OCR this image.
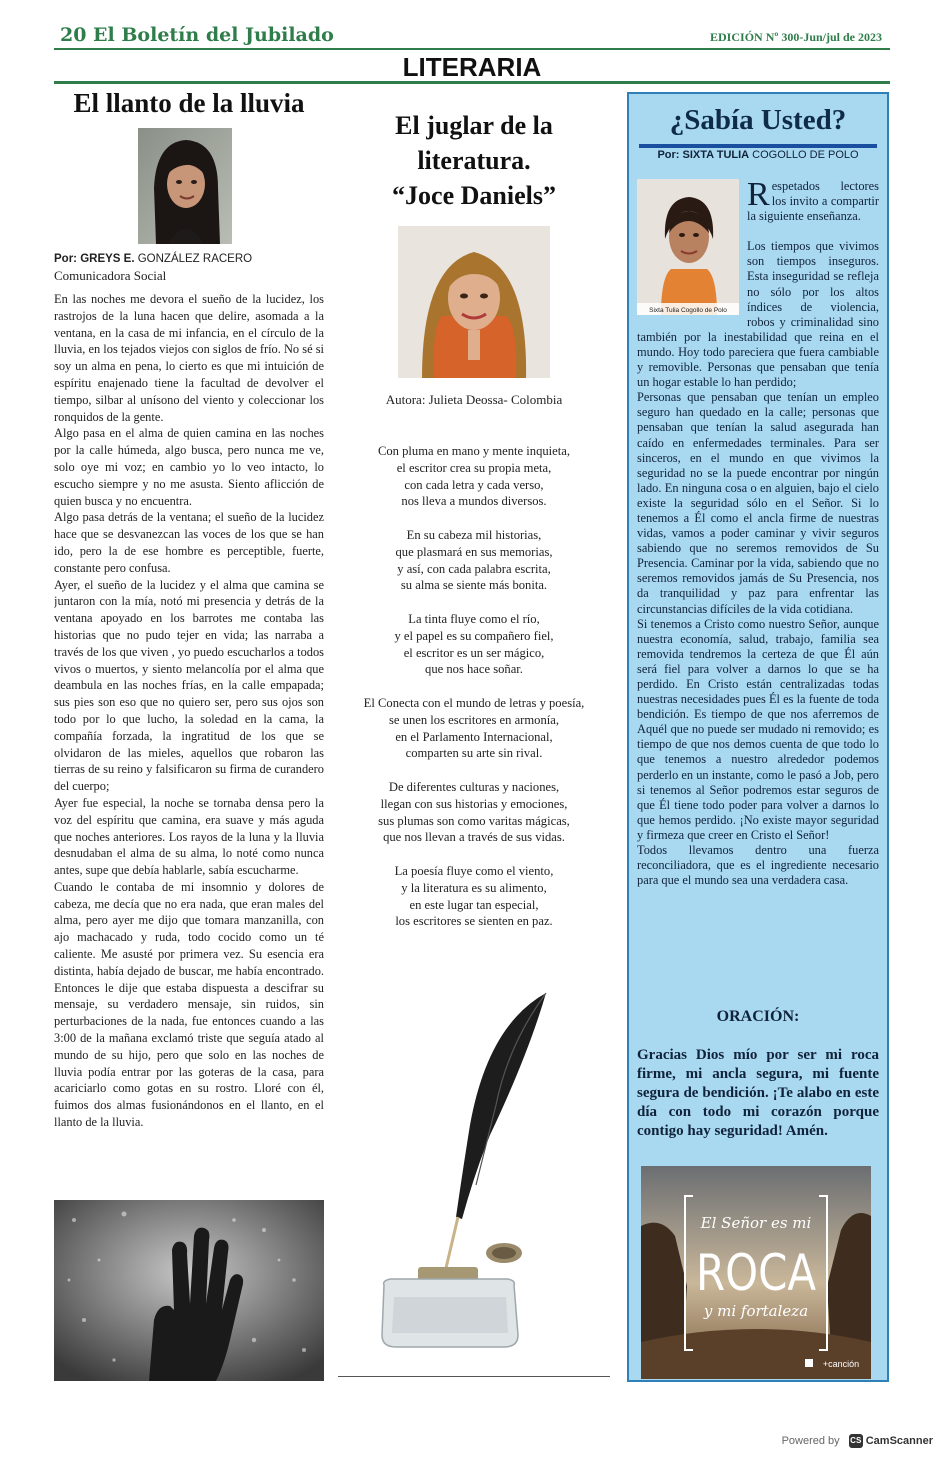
20 El Boletín del Jubilado	EDICIÓN Nº 300-Jun/jul de 2023
LITERARIA
El llanto de la lluvia
Por: GREYS E. GONZÁLEZ RACERO
Comunicadora Social

En las noches me devora el sueño de la lucidez, los rastrojos de la luna hacen que delire, asomada a la ventana, en la casa de mi infancia, en el círculo de la lluvia, en los tejados viejos con siglos de frío. No sé si soy un alma en pena, lo cierto es que mi intuición de espíritu enajenado tiene la facultad de devolver el tiempo, silbar al unísono del viento y coleccionar los ronquidos de la gente.

Algo pasa en el alma de quien camina en las noches por la calle húmeda, algo busca, pero nunca me ve, solo oye mi voz; en cambio yo lo veo intacto, lo escucho siempre y no me asusta. Siento aflicción de quien busca y no encuentra.

Algo pasa detrás de la ventana; el sueño de la lucidez hace que se desvanezcan las voces de los que se han ido, pero la de ese hombre es perceptible, fuerte, constante pero confusa.

Ayer, el sueño de la lucidez y el alma que camina se juntaron con la mía, notó mi presencia y detrás de la ventana apoyado en los barrotes me contaba las historias que no pudo tejer en vida; las narraba a través de los que viven , yo puedo escucharlos a todos vivos o muertos, y siento melancolía por el alma que deambula en las noches frías, en la calle empapada; sus pies son eso que no quiero ser, pero sus ojos son todo por lo que lucho, la soledad en la cama, la compañía forzada, la ingratitud de los que se olvidaron de las mieles, aquellos que robaron las tierras de su reino y falsificaron su firma de curandero del cuerpo;

Ayer fue especial, la noche se tornaba densa pero la voz del espíritu que camina, era suave y más aguda que noches anteriores. Los rayos de la luna y la lluvia desnudaban el alma de su alma, lo noté como nunca antes, supe que debía hablarle, sabía escucharme.

Cuando le contaba de mi insomnio y dolores de cabeza, me decía que no era nada, que eran males del alma, pero ayer me dijo que tomara manzanilla, con ajo machacado y ruda, todo cocido como un té caliente. Me asusté por primera vez. Su esencia era distinta, había dejado de buscar, me había encontrado. Entonces le dije que estaba dispuesta a descifrar su mensaje, su verdadero mensaje, sin ruidos, sin perturbaciones de la nada, fue entonces cuando a las 3:00 de la mañana exclamó triste que seguía atado al mundo de su hijo, pero que solo en las noches de lluvia podía entrar por las goteras de la casa, para acariciarlo como gotas en su rostro. Lloré con él, fuimos dos almas fusionándonos en el llanto, en el llanto de la lluvia.

El juglar de la
literatura.
“Joce Daniels”
Autora: Julieta Deossa- Colombia
Con pluma en mano y mente inquieta,
el escritor crea su propia meta,
con cada letra y cada verso,
nos lleva a mundos diversos.
En su cabeza mil historias,
que plasmará en sus memorias,
y así, con cada palabra escrita,
su alma se siente más bonita.
La tinta fluye como el río,
y el papel es su compañero fiel,
el escritor es un ser mágico,
que nos hace soñar.
El Conecta con el mundo de letras y poesía,
se unen los escritores en armonía,
en el Parlamento Internacional,
comparten su arte sin rival.
De diferentes culturas y naciones,
llegan con sus historias y emociones,
sus plumas son como varitas mágicas,
que nos llevan a través de sus vidas.
La poesía fluye como el viento,
y la literatura es su alimento,
en este lugar tan especial,
los escritores se sienten en paz.
¿Sabía Usted?
Por: SIXTA TULIA COGOLLO DE POLO
Sixta Tulia Cogollo de Polo

Respetados lectores los invito a compartir la siguiente enseñanza.

Los tiempos que vivimos son tiempos inseguros. Esta inseguridad se refleja no sólo por los altos índices de violencia, robos y criminalidad sino también por la inestabilidad que reina en el mundo. Hoy todo pareciera que fuera cambiable y removible. Personas que pensaban que tenía un hogar estable lo han perdido;

Personas que pensaban que tenían un empleo seguro han quedado en la calle; personas que pensaban que tenían la salud asegurada han caído en enfermedades terminales. Para ser sinceros, en el mundo en que vivimos la seguridad no se la puede encontrar por ningún lado. En ninguna cosa o en alguien, bajo el cielo existe la seguridad sólo en el Señor. Si lo tenemos a Él como el ancla firme de nuestras vidas, vamos a poder caminar y vivir seguros sabiendo que no seremos removidos de Su Presencia. Caminar por la vida, sabiendo que no seremos removidos jamás de Su Presencia, nos da tranquilidad y paz para enfrentar las circunstancias difíciles de la vida cotidiana.

Si tenemos a Cristo como nuestro Señor, aunque nuestra economía, salud, trabajo, familia sea removida tendremos la certeza de que Él aún será fiel para volver a darnos lo que se ha perdido. En Cristo están centralizadas todas nuestras necesidades pues Él es la fuente de toda bendición. Es tiempo de que nos aferremos de Aquél que no puede ser mudado ni removido; es tiempo de que nos demos cuenta de que todo lo que tenemos a nuestro alrededor podemos perderlo en un instante, como le pasó a Job, pero si tenemos al Señor podremos estar seguros de que Él tiene todo poder para volver a darnos lo que hemos perdido. ¡No existe mayor seguridad y firmeza que creer en Cristo el Señor!

Todos llevamos dentro una fuerza reconciliadora, que es el ingrediente necesario para que el mundo sea una verdadera casa.

ORACIÓN:
Gracias Dios mío por ser mi roca firme, mi ancla segura, mi fuente segura de bendición. ¡Te alabo en este día con todo mi corazón porque contigo hay seguridad! Amén.
El Señor es mi
ROCA
y mi fortaleza
+canción
Powered by CS CamScanner
